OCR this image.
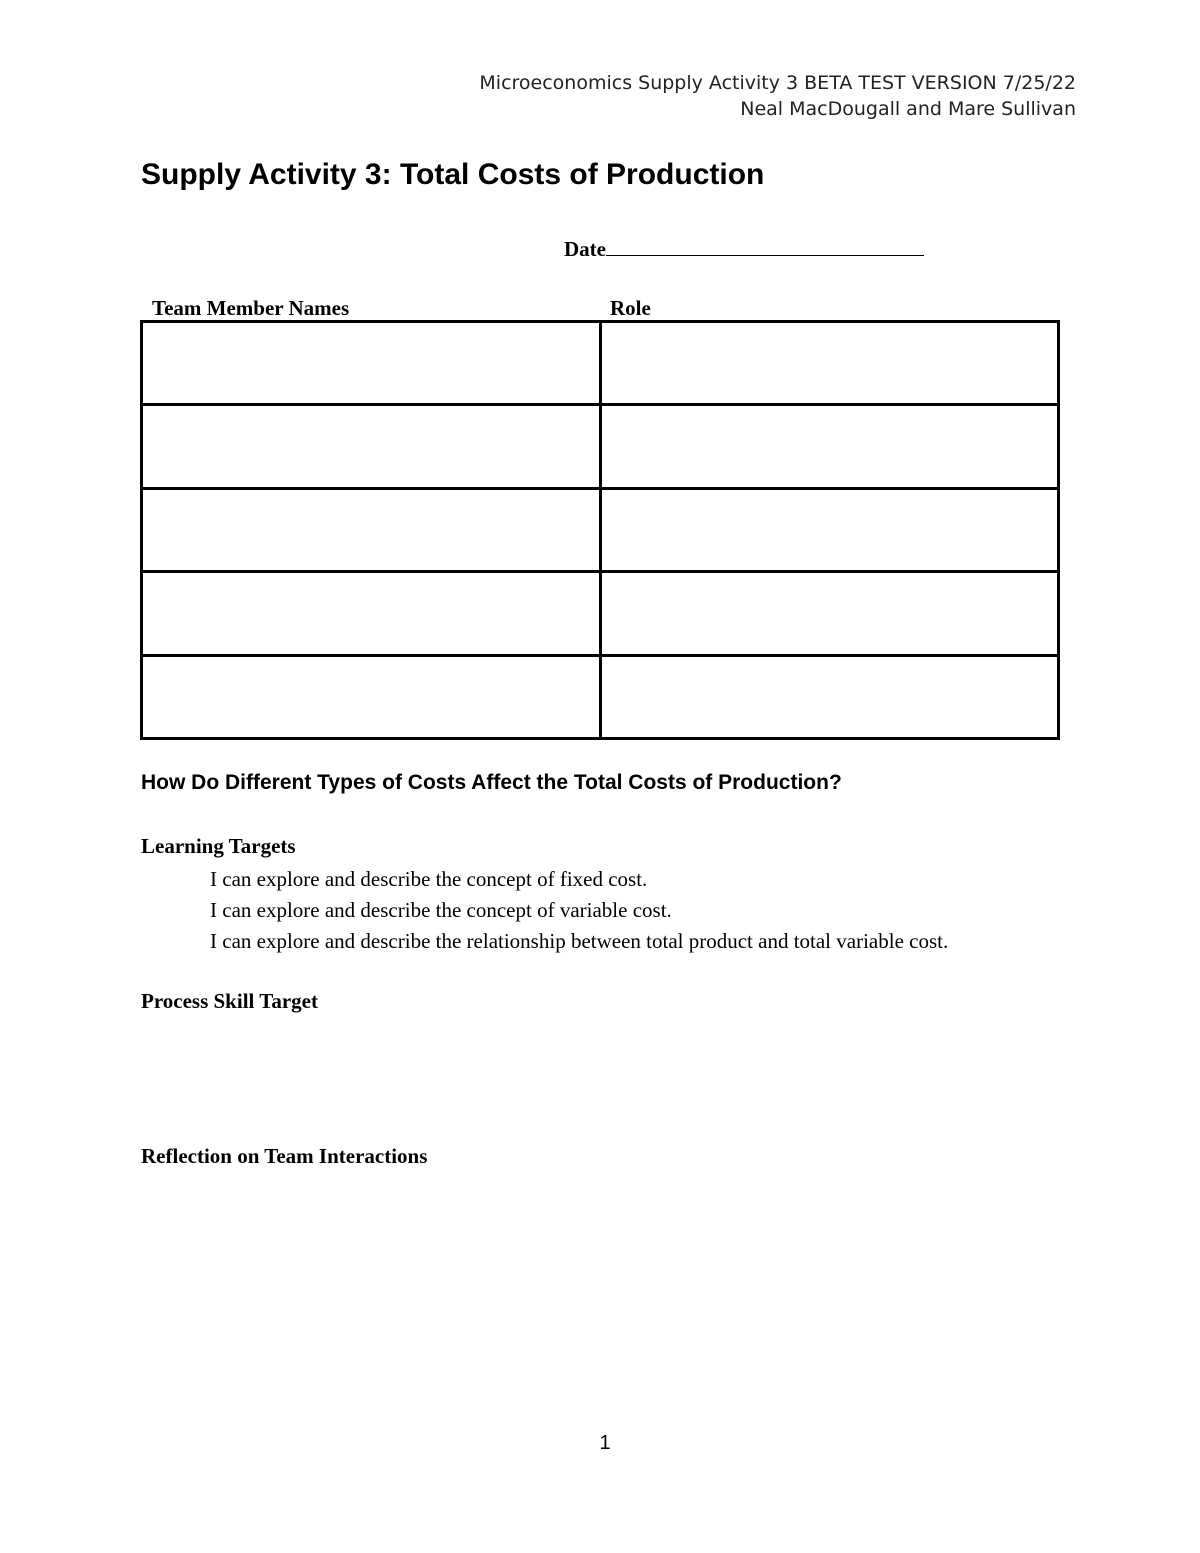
Microeconomics Supply Activity 3 BETA TEST VERSION 7/25/22
Neal MacDougall and Mare Sullivan
Supply Activity 3: Total Costs of Production
Date
Team Member Names	Role

How Do Different Types of Costs Affect the Total Costs of Production?
Learning Targets
I can explore and describe the concept of fixed cost.
I can explore and describe the concept of variable cost.
I can explore and describe the relationship between total product and total variable cost.
Process Skill Target
Reflection on Team Interactions
1
